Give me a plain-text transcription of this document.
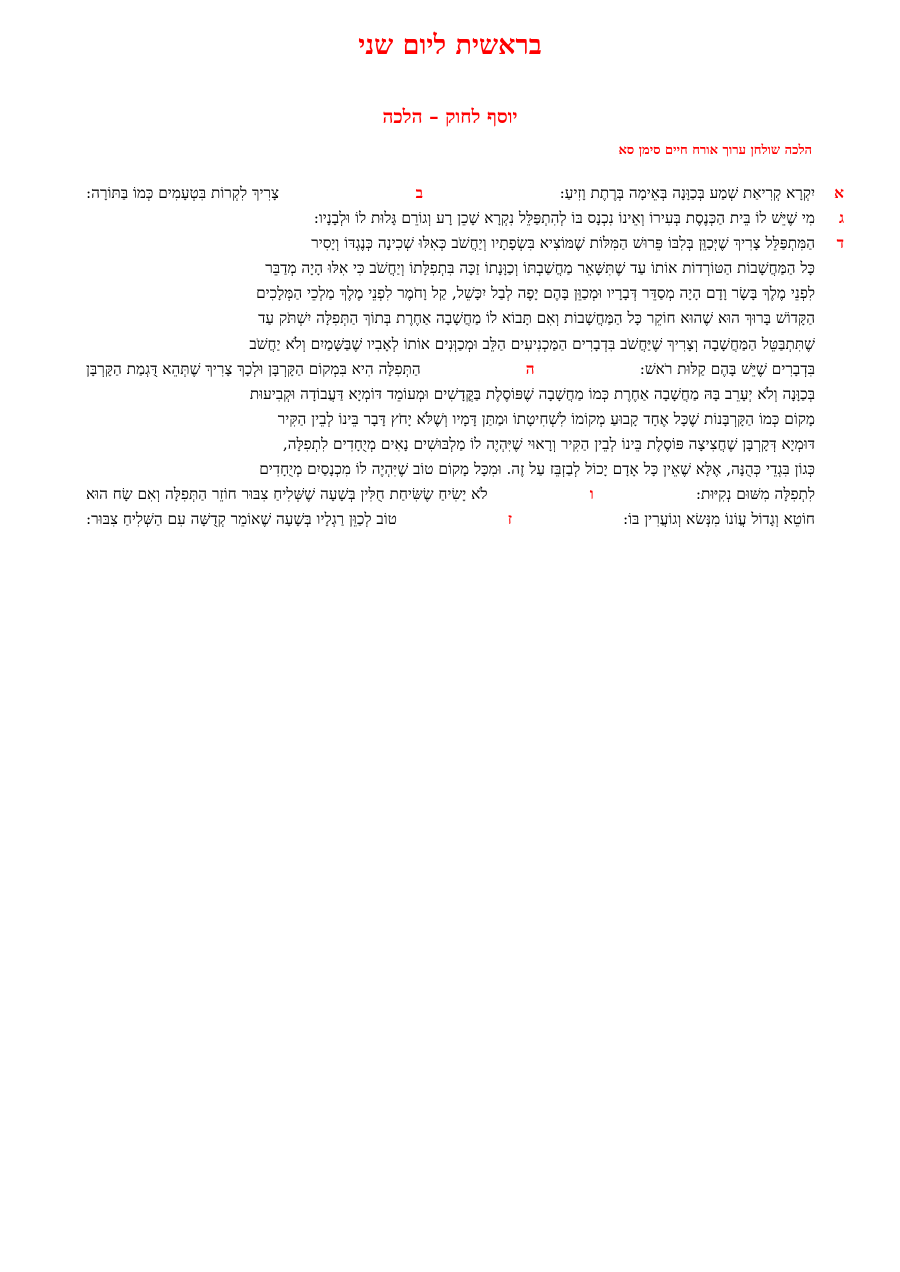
בראשית ליום שני
יוסף לחוק – הלכה
הלכה שולחן ערוך אורח חיים סימן סא
א
יִקְרָא קְרִיאַת שְׁמַע בְּכַוָּנָה בְּאֵימָה בְּרֶתֶת וָזִיעַ: ב צָרִיךְ לִקְרוֹת בִּטְעָמִים כְּמוֹ בַּתּוֹרָה:
ג
מִי שֶׁיֵּשׁ לוֹ בֵּית הַכְּנֶסֶת בְּעִירוֹ וְאֵינוֹ נִכְנָס בּוֹ לְהִתְפַּלֵּל נִקְרָא שָׁכֵן רָע וְגוֹרֵם גָּלוּת לוֹ וּלְבָנָיו:
ד
הַמִּתְפַּלֵּל צָרִיךְ שֶׁיְּכַוֵּן בְּלִבּוֹ פֵּרוּשׁ הַמִּלּוֹת שֶׁמּוֹצִיא בִּשְׂפָתָיו וְיַחֲשֹׁב כְּאִלּוּ שְׁכִינָה כְּנֶגְדּוֹ וְיָסִיר
כָּל הַמַּחֲשָׁבוֹת הַטּוֹרְדוֹת אוֹתוֹ עַד שֶׁתִּשָּׁאֵר מַחֲשַׁבְתּוֹ וְכַוָּנָתוֹ זַכָּה בִּתְפִלָּתוֹ וְיַחֲשֹׁב כִּי אִלּוּ הָיָה מְדַבֵּר
לִפְנֵי מֶלֶךְ בָּשָׂר וָדָם הָיָה מְסַדֵּר דְּבָרָיו וּמְכַוֵּן בָּהֶם יָפֶה לְבַל יִכָּשֵׁל, קַל וָחֹמֶר לִפְנֵי מֶלֶךְ מַלְכֵי הַמְּלָכִים
הַקָּדוֹשׁ בָּרוּךְ הוּא שֶׁהוּא חוֹקֵר כָּל הַמַּחֲשָׁבוֹת וְאִם תָּבוֹא לוֹ מַחֲשָׁבָה אַחֶרֶת בְּתוֹךְ הַתְּפִלָּה יִשְׁתֹּק עַד
שֶׁתִּתְבַּטֵּל הַמַּחֲשָׁבָה וְצָרִיךְ שֶׁיַּחֲשֹׁב בִּדְבָרִים הַמַּכְנִיעִים הַלֵּב וּמְכַוְּנִים אוֹתוֹ לְאָבִיו שֶׁבַּשָּׁמַיִם וְלֹא יַחֲשֹׁב
בִּדְבָרִים שֶׁיֵּשׁ בָּהֶם קַלּוּת רֹאשׁ: ה הַתְּפִלָּה הִיא בִּמְקוֹם הַקָּרְבָּן וּלְכָךְ צָרִיךְ שֶׁתְּהֵא דֻּגְמַת הַקָּרְבָּן
בְּכַוָּנָה וְלֹא יְעָרֵב בָּהּ מַחֲשָׁבָה אַחֶרֶת כְּמוֹ מַחֲשָׁבָה שֶׁפּוֹסֶלֶת בַּקֳּדָשִׁים וּמְעוֹמֵד דּוֹמְיָא דַּעֲבוֹדָה וּקְבִיעוּת
מָקוֹם כְּמוֹ הַקָּרְבָּנוֹת שֶׁכָּל אֶחָד קָבוּעַ מְקוֹמוֹ לִשְׁחִיטָתוֹ וּמַתַּן דָּמָיו וְשֶׁלֹּא יָחֹץ דָּבָר בֵּינוֹ לְבֵין הַקִּיר
דּוּמְיָא דְּקָרְבָּן שֶׁחֲצִיצָה פּוֹסֶלֶת בֵּינוֹ לְבֵין הַקִּיר וְרָאוּי שֶׁיִּהְיֶה לוֹ מַלְבּוּשִׁים נָאִים מְיֻחָדִים לִתְפִלָּה,
כְּגוֹן בִּגְדֵי כְּהֻנָּה, אֶלָּא שֶׁאֵין כָּל אָדָם יָכוֹל לְבַזְבֵּז עַל זֶה. וּמִכָּל מָקוֹם טוֹב שֶׁיִּהְיֶה לוֹ מִכְנָסַיִם מְיֻחָדִים
לִתְפִלָּה מִשּׁוּם נְקִיּוּת: ו לֹא יָשִׂיחַ שֶׂשִּׂיחַת חֻלִּין בְּשָׁעָה שֶׁשְּׁלִיחַ צִבּוּר חוֹזֵר הַתְּפִלָּה וְאִם שָׂח הוּא
חוֹטֵא וְגָדוֹל עֲוֹנוֹ מִנְּשׂא וְגוֹעֲרִין בּוֹ: ז טוֹב לְכַוֵּן רַגְלָיו בְּשָׁעָה שֶׁאוֹמֵר קְדֻשָּׁה עִם הַשְּׁלִיחַ צִבּוּר:
